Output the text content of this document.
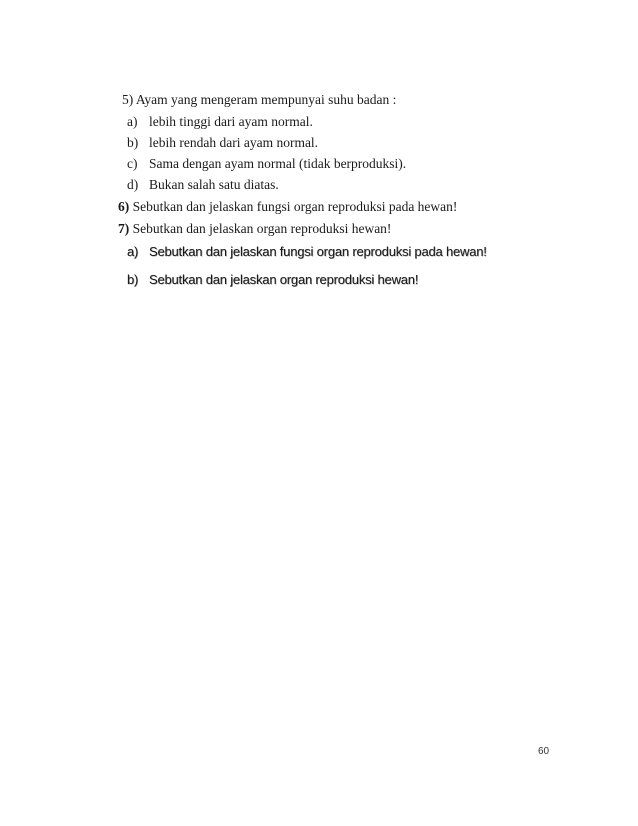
5) Ayam yang mengeram mempunyai suhu badan :
a) lebih tinggi dari ayam normal.
b) lebih rendah dari ayam normal.
c) Sama dengan ayam normal (tidak berproduksi).
d) Bukan salah satu diatas.
6) Sebutkan dan jelaskan fungsi organ reproduksi pada hewan!
7) Sebutkan dan jelaskan organ reproduksi hewan!
a) Sebutkan dan jelaskan fungsi organ reproduksi pada hewan!
b) Sebutkan dan jelaskan organ reproduksi hewan!
60
